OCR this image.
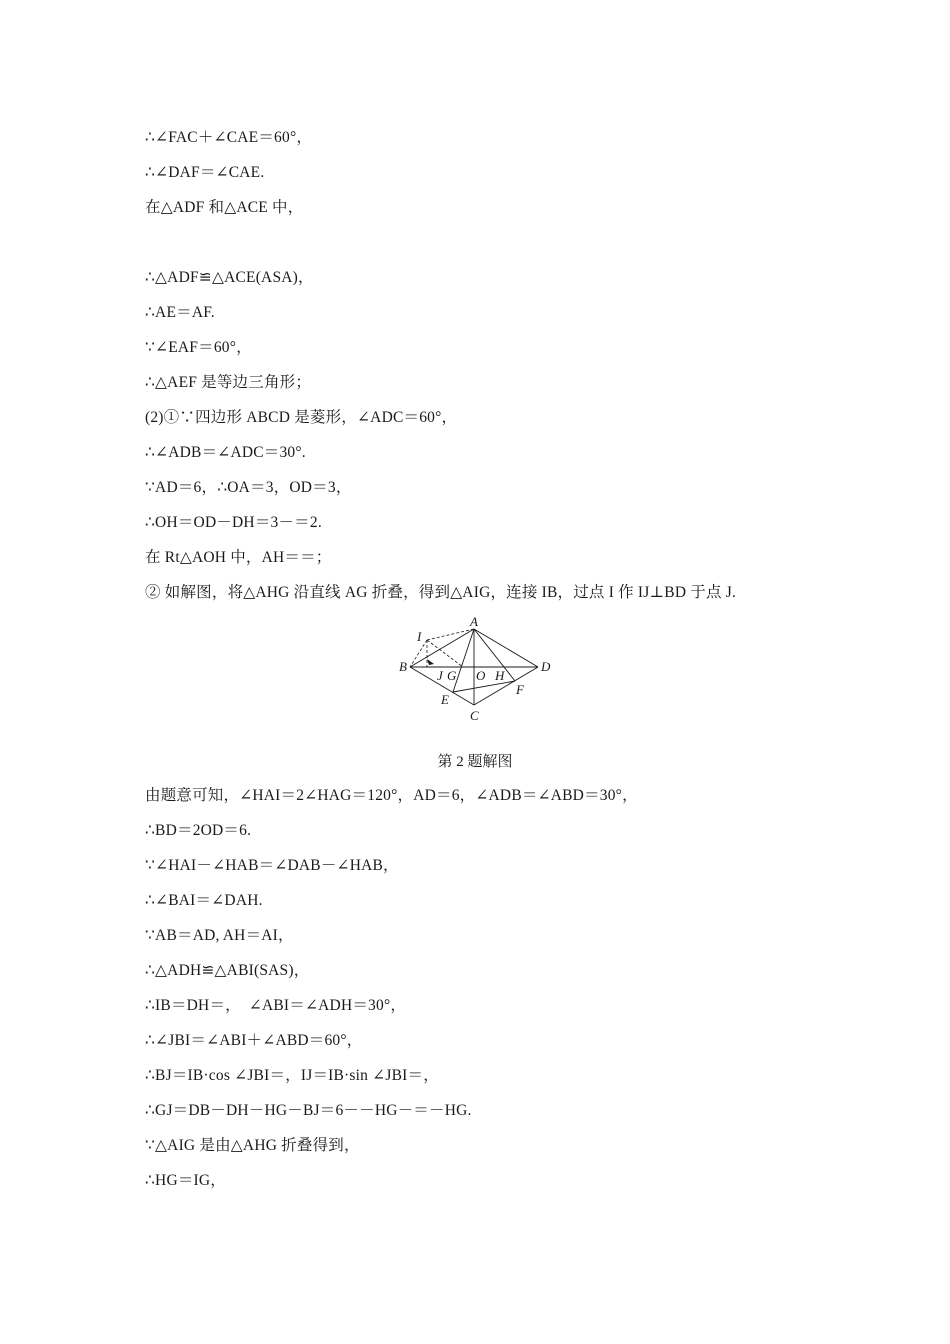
∴∠FAC＋∠CAE＝60°，
∴∠DAF＝∠CAE.
在△ADF 和△ACE 中，
∴△ADF≌△ACE(ASA)，
∴AE＝AF.
∵∠EAF＝60°，
∴△AEF 是等边三角形；
(2)①∵四边形 ABCD 是菱形，∠ADC＝60°，
∴∠ADB＝∠ADC＝30°.
∵AD＝6，∴OA＝3，OD＝3，
∴OH＝OD－DH＝3－＝2.
在 Rt△AOH 中，AH＝＝；
② 如解图，将△AHG 沿直线 AG 折叠，得到△AIG，连接 IB，过点 I 作 IJ⊥BD 于点 J.
A
B
C
D
E
F
G	H
I
J	O
第 2 题解图
由题意可知，∠HAI＝2∠HAG＝120°，AD＝6，∠ADB＝∠ABD＝30°，
∴BD＝2OD＝6.
∵∠HAI－∠HAB＝∠DAB－∠HAB，
∴∠BAI＝∠DAH.
∵AB＝AD, AH＝AI，
∴△ADH≌△ABI(SAS)，
∴IB＝DH＝，　∠ABI＝∠ADH＝30°，
∴∠JBI＝∠ABI＋∠ABD＝60°，
∴BJ＝IB·cos ∠JBI＝，IJ＝IB·sin ∠JBI＝，
∴GJ＝DB－DH－HG－BJ＝6－－HG－＝－HG.
∵△AIG 是由△AHG 折叠得到，
∴HG＝IG，
